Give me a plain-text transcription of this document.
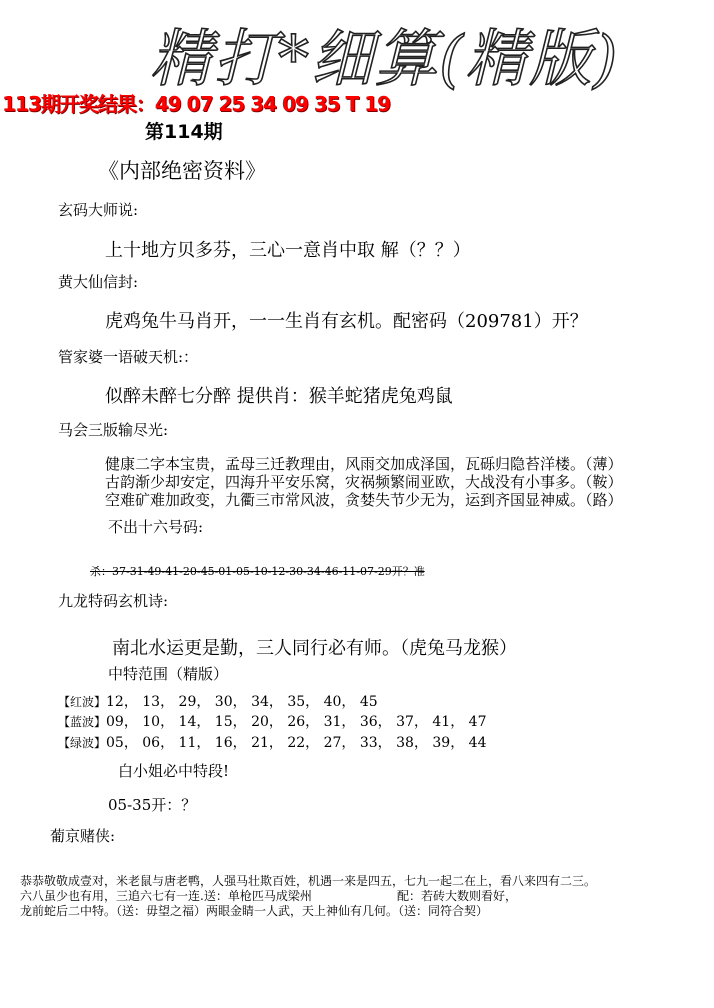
精打*细算(精版)
113期开奖结果：49 07 25 34 09 35 T 19
第114期
《内部绝密资料》
玄码大师说:
上十地方贝多芬，三心一意肖中取 解（？？）
黄大仙信封:
虎鸡兔牛马肖开，一一生肖有玄机。配密码（209781）开？
管家婆一语破天机:：
似醉未醉七分醉 提供肖：猴羊蛇猪虎兔鸡鼠
马会三版输尽光:
健康二字本宝贵，孟母三迁教理由，风雨交加成泽国，瓦砾归隐苔洋楼。（薄）
古韵渐少却安定，四海升平安乐窝，灾祸频繁闹亚欧，大战没有小事多。（鞍）
空难矿难加政变，九衢三市常风波，贪婪失节少无为，运到齐国显神威。（路）
不出十六号码:
杀：37-31-49-41-20-45-01-05-10-12-30-34-46-11-07-29开？准
九龙特码玄机诗:
南北水运更是勤，三人同行必有师。（虎兔马龙猴）
中特范围（精版）
【红波】12， 13， 29， 30， 34， 35， 40， 45
【蓝波】09， 10， 14， 15， 20， 26， 31， 36， 37， 41， 47
【绿波】05， 06， 11， 16， 21， 22， 27， 33， 38， 39， 44
白小姐必中特段!
05-35开：？
葡京赌侠:
恭恭敬敬成壹对，米老鼠与唐老鸭，人强马壮欺百姓，机遇一来是四五，七九一起二在上，看八来四有二三。
六八虽少也有用，三追六七有一连.送：单枪匹马成梁州	配：若砖大数则看好，
龙前蛇后二中特。（送：毋望之福）两眼金睛一人武，天上神仙有几何。（送：同符合契）
